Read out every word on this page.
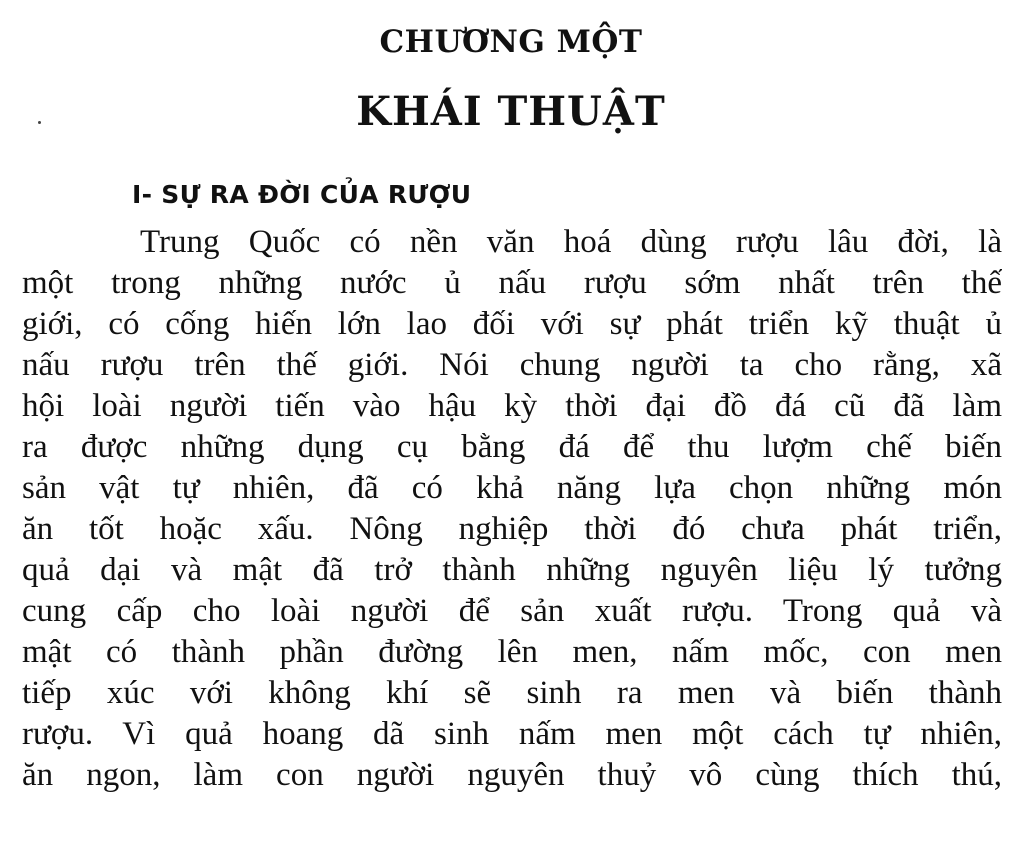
CHƯƠNG MỘT
KHÁI THUẬT
I- SỰ RA ĐỜI CỦA RƯỢU
Trung Quốc có nền văn hoá dùng rượu lâu đời, là
một trong những nước ủ nấu rượu sớm nhất trên thế
giới, có cống hiến lớn lao đối với sự phát triển kỹ thuật ủ
nấu rượu trên thế giới. Nói chung người ta cho rằng, xã
hội loài người tiến vào hậu kỳ thời đại đồ đá cũ đã làm
ra được những dụng cụ bằng đá để thu lượm chế biến
sản vật tự nhiên, đã có khả năng lựa chọn những món
ăn tốt hoặc xấu. Nông nghiệp thời đó chưa phát triển,
quả dại và mật đã trở thành những nguyên liệu lý tưởng
cung cấp cho loài người để sản xuất rượu. Trong quả và
mật có thành phần đường lên men, nấm mốc, con men
tiếp xúc với không khí sẽ sinh ra men và biến thành
rượu. Vì quả hoang dã sinh nấm men một cách tự nhiên,
ăn ngon, làm con người nguyên thuỷ vô cùng thích thú,
